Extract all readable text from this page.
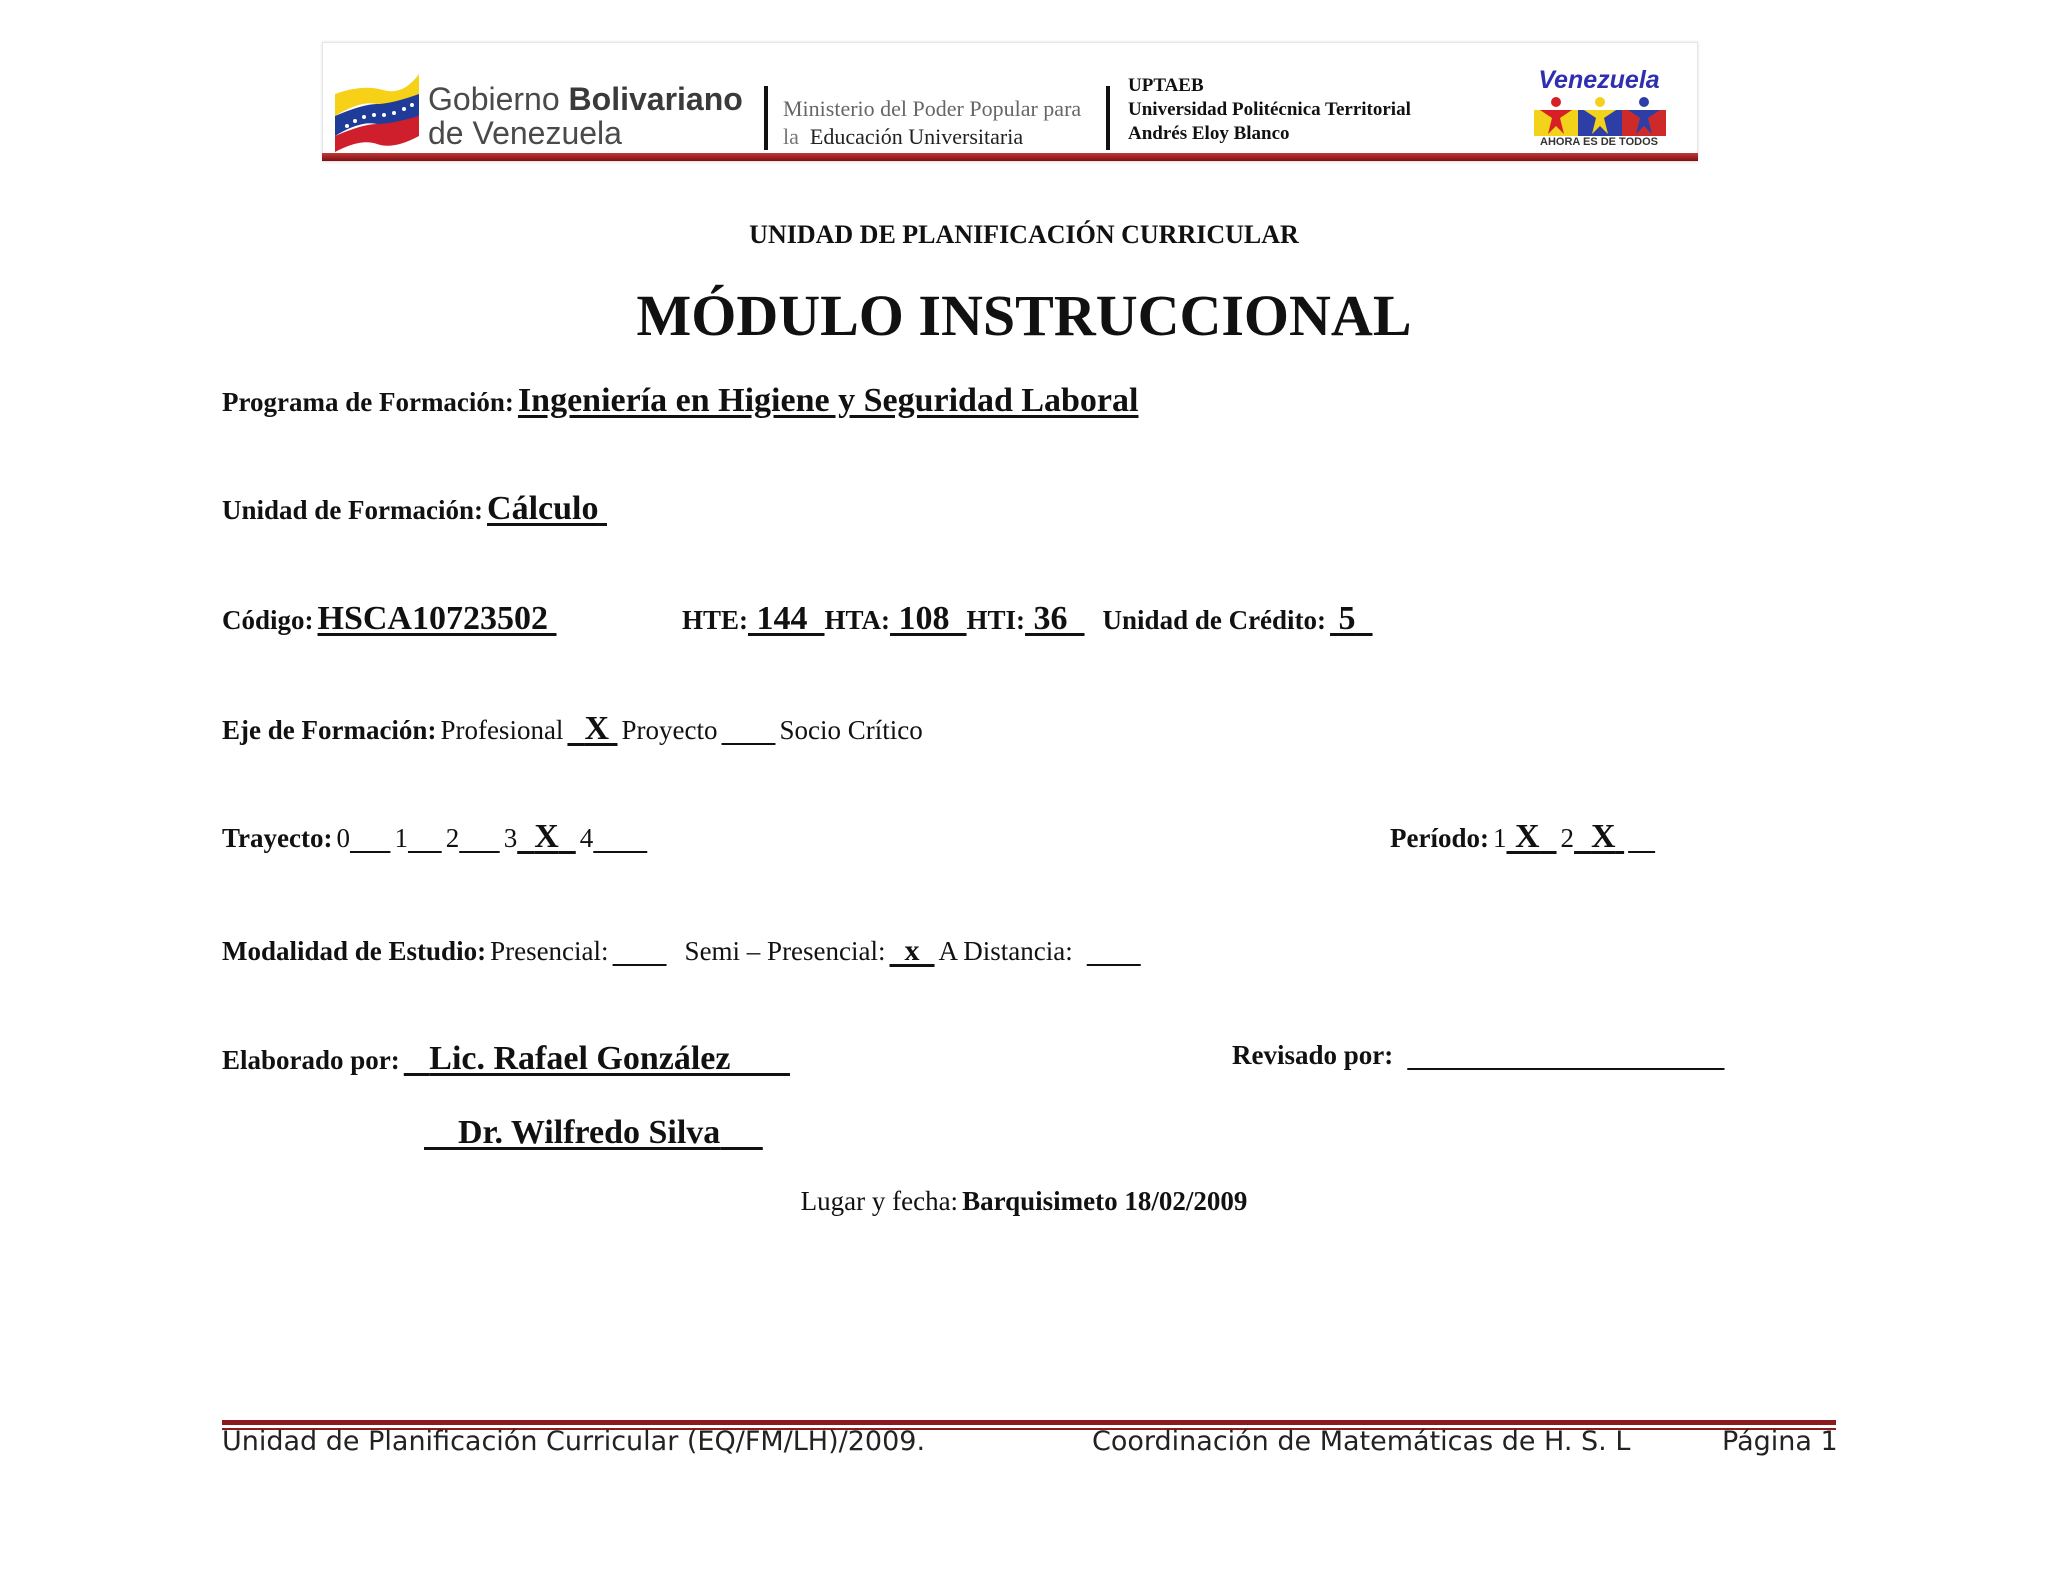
Gobierno Bolivariano
de Venezuela
Ministerio del Poder Popular para
la Educación Universitaria
UPTAEB
Universidad Politécnica Territorial
Andrés Eloy Blanco
Venezuela
AHORA ES DE TODOS
UNIDAD DE PLANIFICACIÓN CURRICULAR
MÓDULO INSTRUCCIONAL
Programa de Formación: Ingeniería en Higiene y Seguridad Laboral
Unidad de Formación: Cálculo
Código: HSCA10723502	HTE: 144 HTA: 108 HTI: 36 Unidad de Crédito: 5
Eje de Formación: Profesional X Proyecto Socio Crítico
Trayecto: 0 1 2 3 X 4	Período: 1 X 2 X
Modalidad de Estudio: Presencial:	Semi – Presencial: x A Distancia:
Elaborado por: Lic. Rafael González	Revisado por:
Dr. Wilfredo Silva
Lugar y fecha: Barquisimeto 18/02/2009
Unidad de Planificación Curricular (EQ/FM/LH)/2009.	Coordinación de Matemáticas de H. S. L	Página 1
